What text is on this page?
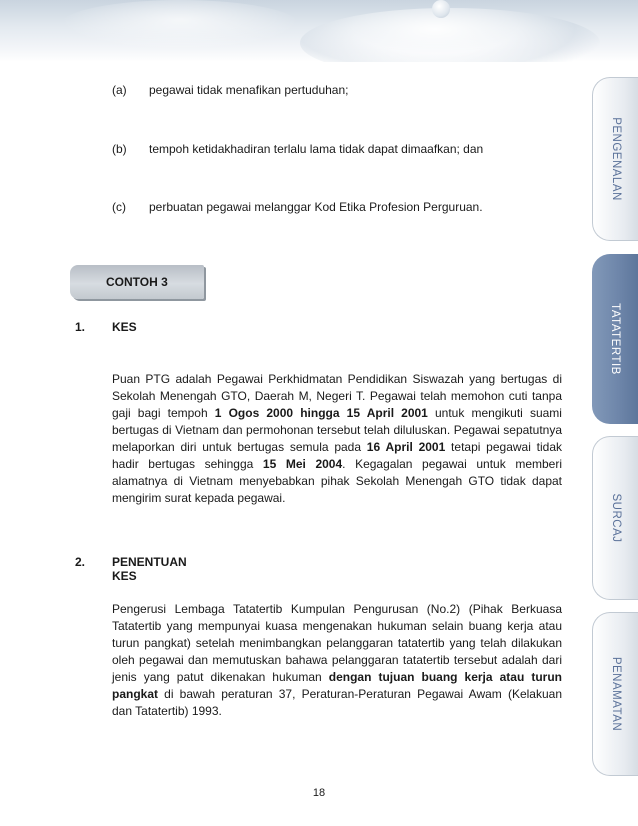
(a) pegawai tidak menafikan pertuduhan;
(b) tempoh ketidakhadiran terlalu lama tidak dapat dimaafkan; dan
(c) perbuatan pegawai melanggar Kod Etika Profesion Perguruan.
CONTOH 3
1. KES
Puan PTG adalah Pegawai Perkhidmatan Pendidikan Siswazah yang bertugas di Sekolah Menengah GTO, Daerah M, Negeri T. Pegawai telah memohon cuti tanpa gaji bagi tempoh 1 Ogos 2000 hingga 15 April 2001 untuk mengikuti suami bertugas di Vietnam dan permohonan tersebut telah diluluskan. Pegawai sepatutnya melaporkan diri untuk bertugas semula pada 16 April 2001 tetapi pegawai tidak hadir bertugas sehingga 15 Mei 2004. Kegagalan pegawai untuk memberi alamatnya di Vietnam menyebabkan pihak Sekolah Menengah GTO tidak dapat mengirim surat kepada pegawai.
2. PENENTUAN KES
Pengerusi Lembaga Tatatertib Kumpulan Pengurusan (No.2) (Pihak Berkuasa Tatatertib yang mempunyai kuasa mengenakan hukuman selain buang kerja atau turun pangkat) setelah menimbangkan pelanggaran tatatertib yang telah dilakukan oleh pegawai dan memutuskan bahawa pelanggaran tatatertib tersebut adalah dari jenis yang patut dikenakan hukuman dengan tujuan buang kerja atau turun pangkat di bawah peraturan 37, Peraturan-Peraturan Pegawai Awam (Kelakuan dan Tatatertib) 1993.
18
PENGENALAN
TATATERTIB
SURCAJ
PENAMATAN
